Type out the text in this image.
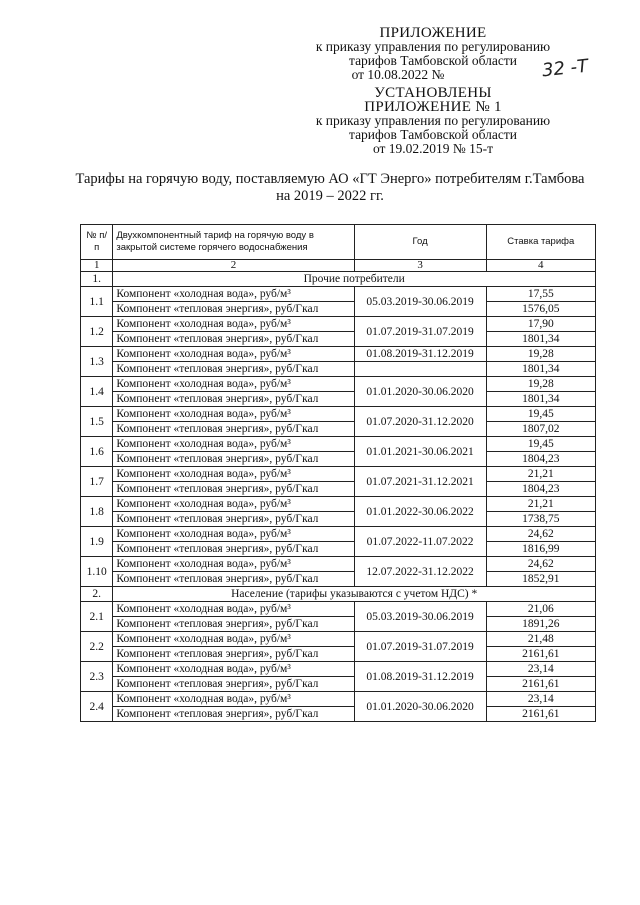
ПРИЛОЖЕНИЕ
к приказу управления по регулированию
тарифов Тамбовской области
от 10.08.2022 №	32 -Т
УСТАНОВЛЕНЫ
ПРИЛОЖЕНИЕ № 1
к приказу управления по регулированию
тарифов Тамбовской области
от 19.02.2019 № 15-т
Тарифы на горячую воду, поставляемую АО «ГТ Энерго» потребителям г.Тамбова
на 2019 – 2022 гг.
№ п/п	Двухкомпонентный тариф на горячую воду в закрытой системе горячего водоснабжения	Год	Ставка тарифа
1	2	3	4
1.	Прочие потребители		
1.1	Компонент «холодная вода», руб/м³	05.03.2019-30.06.2019	17,55
	Компонент «тепловая энергия», руб/Гкал		1576,05
1.2	Компонент «холодная вода», руб/м³	01.07.2019-31.07.2019	17,90
	Компонент «тепловая энергия», руб/Гкал		1801,34
1.3	Компонент «холодная вода», руб/м³	01.08.2019-31.12.2019	19,28
	Компонент «тепловая энергия», руб/Гкал		1801,34
1.4	Компонент «холодная вода», руб/м³	01.01.2020-30.06.2020	19,28
	Компонент «тепловая энергия», руб/Гкал		1801,34
1.5	Компонент «холодная вода», руб/м³	01.07.2020-31.12.2020	19,45
	Компонент «тепловая энергия», руб/Гкал		1807,02
1.6	Компонент «холодная вода», руб/м³	01.01.2021-30.06.2021	19,45
	Компонент «тепловая энергия», руб/Гкал		1804,23
1.7	Компонент «холодная вода», руб/м³	01.07.2021-31.12.2021	21,21
	Компонент «тепловая энергия», руб/Гкал		1804,23
1.8	Компонент «холодная вода», руб/м³	01.01.2022-30.06.2022	21,21
	Компонент «тепловая энергия», руб/Гкал		1738,75
1.9	Компонент «холодная вода», руб/м³	01.07.2022-11.07.2022	24,62
	Компонент «тепловая энергия», руб/Гкал		1816,99
1.10	Компонент «холодная вода», руб/м³	12.07.2022-31.12.2022	24,62
	Компонент «тепловая энергия», руб/Гкал		1852,91
2.	Население (тарифы указываются с учетом НДС) *		
2.1	Компонент «холодная вода», руб/м³	05.03.2019-30.06.2019	21,06
	Компонент «тепловая энергия», руб/Гкал		1891,26
2.2	Компонент «холодная вода», руб/м³	01.07.2019-31.07.2019	21,48
	Компонент «тепловая энергия», руб/Гкал		2161,61
2.3	Компонент «холодная вода», руб/м³	01.08.2019-31.12.2019	23,14
	Компонент «тепловая энергия», руб/Гкал		2161,61
2.4	Компонент «холодная вода», руб/м³	01.01.2020-30.06.2020	23,14
	Компонент «тепловая энергия», руб/Гкал		2161,61
